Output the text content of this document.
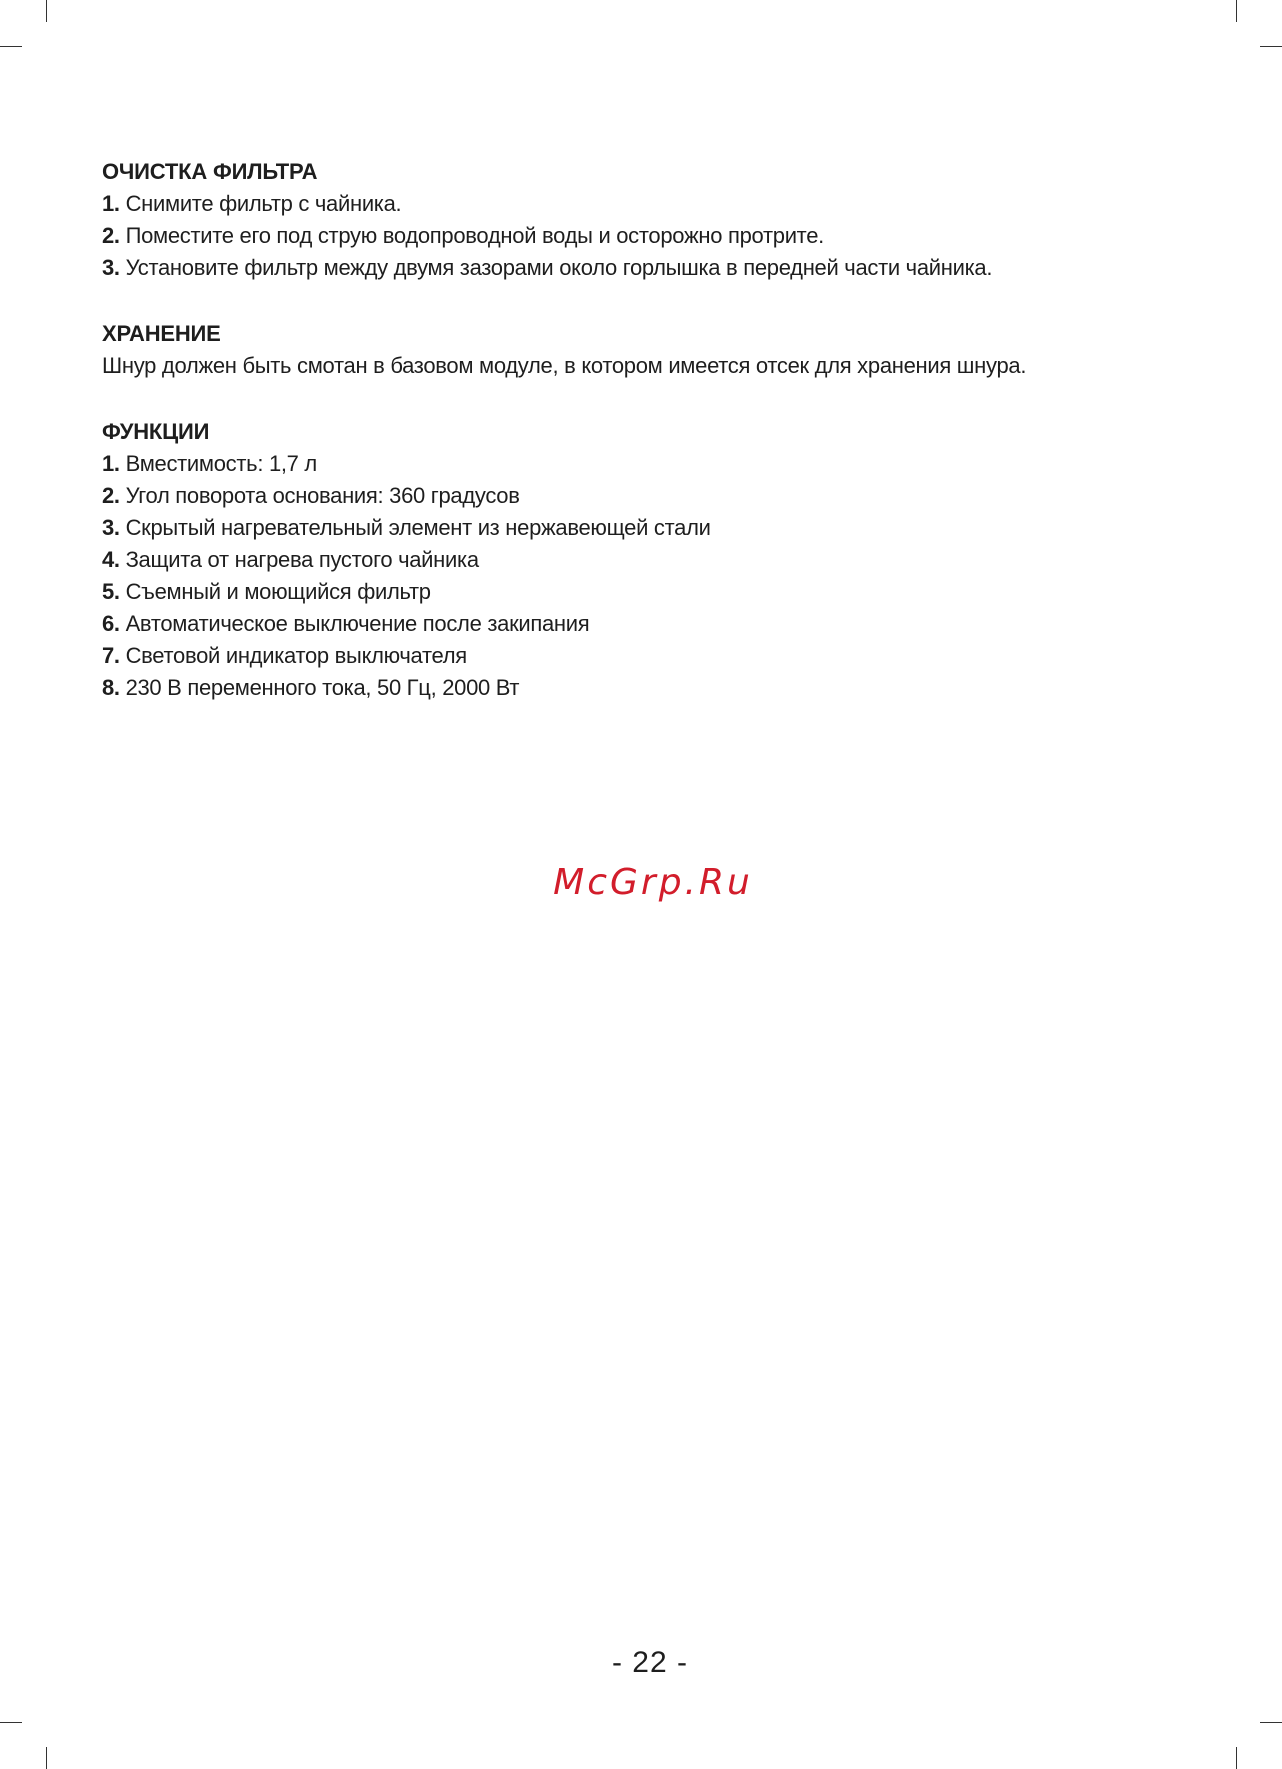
ОЧИСТКА ФИЛЬТРА

1. Снимите фильтр с чайника.

2. Поместите его под струю водопроводной воды и осторожно протрите.

3. Установите фильтр между двумя зазорами около горлышка в передней части чайника.

ХРАНЕНИЕ

Шнур должен быть смотан в базовом модуле, в котором имеется отсек для хранения шнура.

ФУНКЦИИ

1. Вместимость: 1,7 л

2. Угол поворота основания: 360 градусов

3. Скрытый нагревательный элемент из нержавеющей стали

4. Защита от нагрева пустого чайника

5. Съемный и моющийся фильтр

6. Автоматическое выключение после закипания

7. Световой индикатор выключателя

8. 230 В переменного тока, 50 Гц, 2000 Вт

McGrp.Ru
- 22 -
